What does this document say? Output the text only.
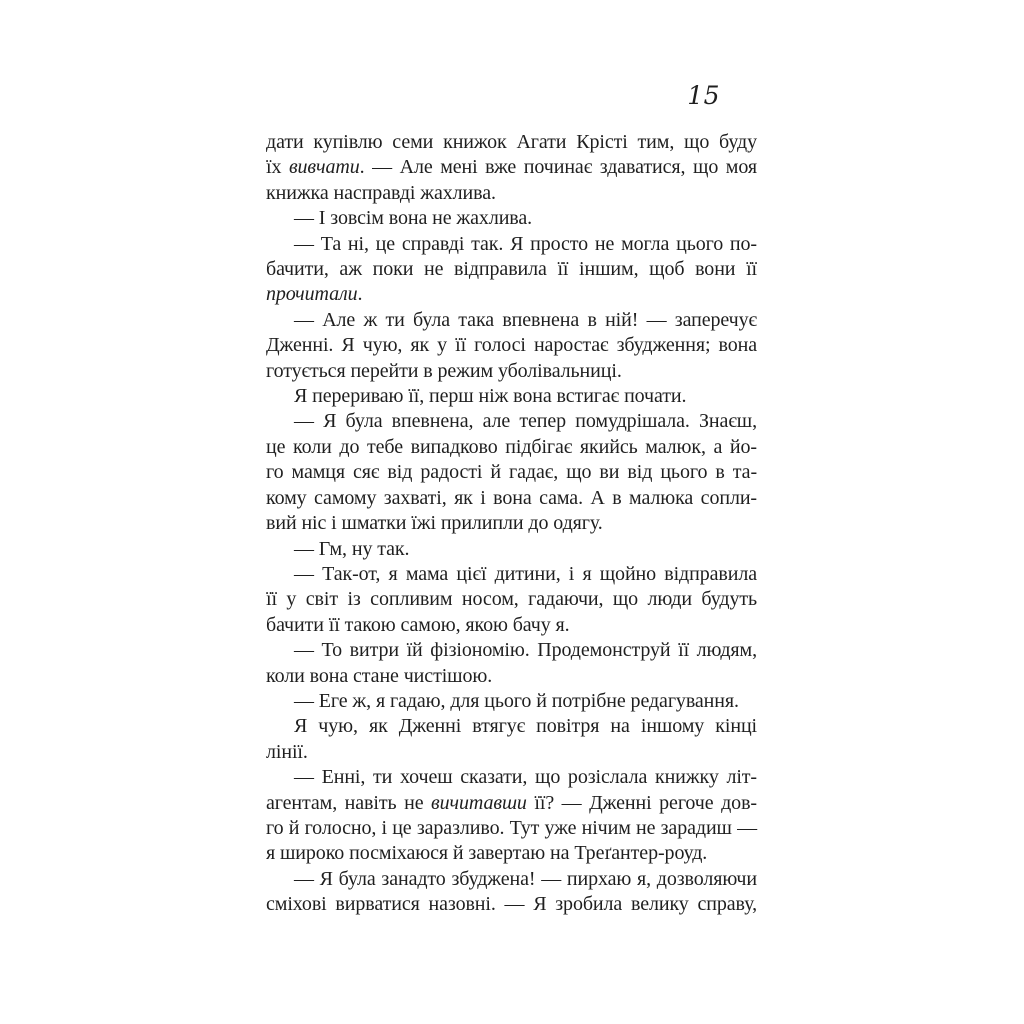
15
дати купівлю семи книжок Агати Крісті тим, що буду
їх вивчати. — Але мені вже починає здаватися, що моя
книжка насправді жахлива.
— І зовсім вона не жахлива.
— Та ні, це справді так. Я просто не могла цього по-
бачити, аж поки не відправила її іншим, щоб вони її
прочитали.
— Але ж ти була така впевнена в ній! — заперечує
Дженні. Я чую, як у її голосі наростає збудження; вона
готується перейти в режим уболівальниці.
Я перериваю її, перш ніж вона встигає почати.
— Я була впевнена, але тепер помудрішала. Знаєш,
це коли до тебе випадково підбігає якийсь малюк, а йо-
го мамця сяє від радості й гадає, що ви від цього в та-
кому самому захваті, як і вона сама. А в малюка сопли-
вий ніс і шматки їжі прилипли до одягу.
— Гм, ну так.
— Так-от, я мама цієї дитини, і я щойно відправила
її у світ із сопливим носом, гадаючи, що люди будуть
бачити її такою самою, якою бачу я.
— То витри їй фізіономію. Продемонструй її людям,
коли вона стане чистішою.
— Еге ж, я гадаю, для цього й потрібне редагування.
Я чую, як Дженні втягує повітря на іншому кінці
лінії.
— Енні, ти хочеш сказати, що розіслала книжку літ-
агентам, навіть не вичитавши її? — Дженні регоче дов-
го й голосно, і це заразливо. Тут уже нічим не зарадиш —
я широко посміхаюся й завертаю на Треґантер-роуд.
— Я була занадто збуджена! — пирхаю я, дозволяючи
сміхові вирватися назовні. — Я зробила велику справу,
